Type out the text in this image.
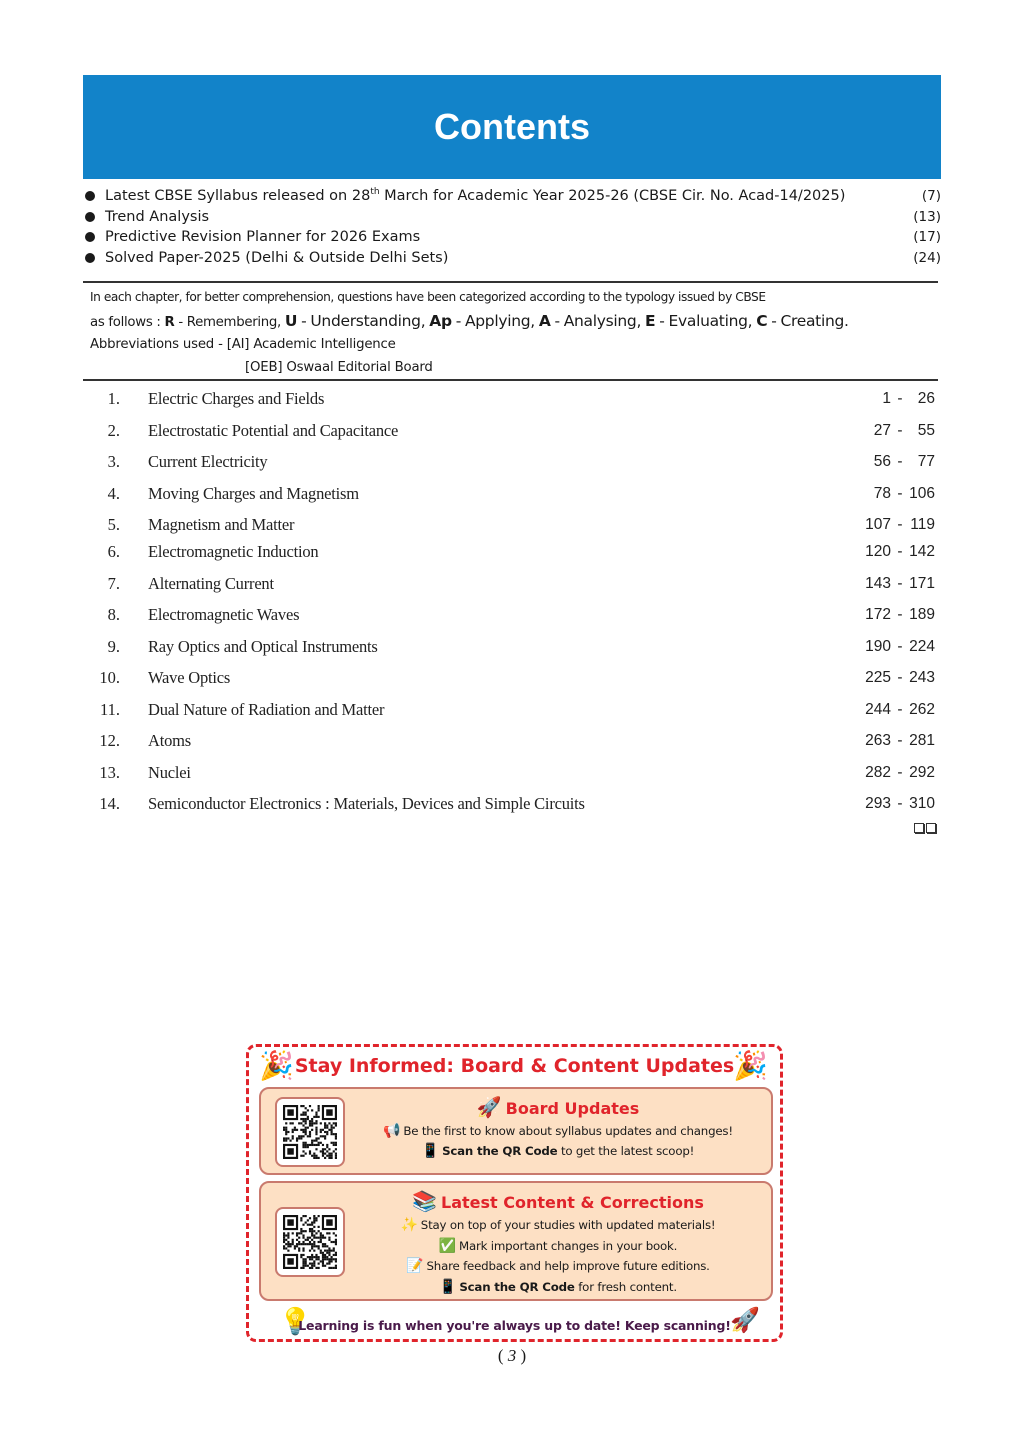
Contents
Latest CBSE Syllabus released on 28th March for Academic Year 2025-26 (CBSE Cir. No. Acad-14/2025)	(7)
Trend Analysis	(13)
Predictive Revision Planner for 2026 Exams	(17)
Solved Paper-2025 (Delhi & Outside Delhi Sets)	(24)
In each chapter, for better comprehension, questions have been categorized according to the typology issued by CBSE
as follows : R - Remembering, U - Understanding, Ap - Applying, A - Analysing, E - Evaluating, C - Creating.
Abbreviations used - [AI] Academic Intelligence
[OEB] Oswaal Editorial Board
1. Electric Charges and Fields	1 - 26
2. Electrostatic Potential and Capacitance	27 - 55
3. Current Electricity	56 - 77
4. Moving Charges and Magnetism	78 - 106
5. Magnetism and Matter	107 - 119
6. Electromagnetic Induction	120 - 142
7. Alternating Current	143 - 171
8. Electromagnetic Waves	172 - 189
9. Ray Optics and Optical Instruments	190 - 224
10. Wave Optics	225 - 243
11. Dual Nature of Radiation and Matter	244 - 262
12. Atoms	263 - 281
13. Nuclei	282 - 292
14. Semiconductor Electronics : Materials, Devices and Simple Circuits	293 - 310
🎉 Stay Informed: Board & Content Updates
🎉
🚀 Board Updates
📢 Be the first to know about syllabus updates and changes!
📱 Scan the QR Code to get the latest scoop!
📚 Latest Content & Corrections
✨ Stay on top of your studies with updated materials!
✅ Mark important changes in your book.
📝 Share feedback and help improve future editions.
📱 Scan the QR Code for fresh content.
💡
Learning is fun when you're always up to date! Keep scanning! 🚀
( 3 )
